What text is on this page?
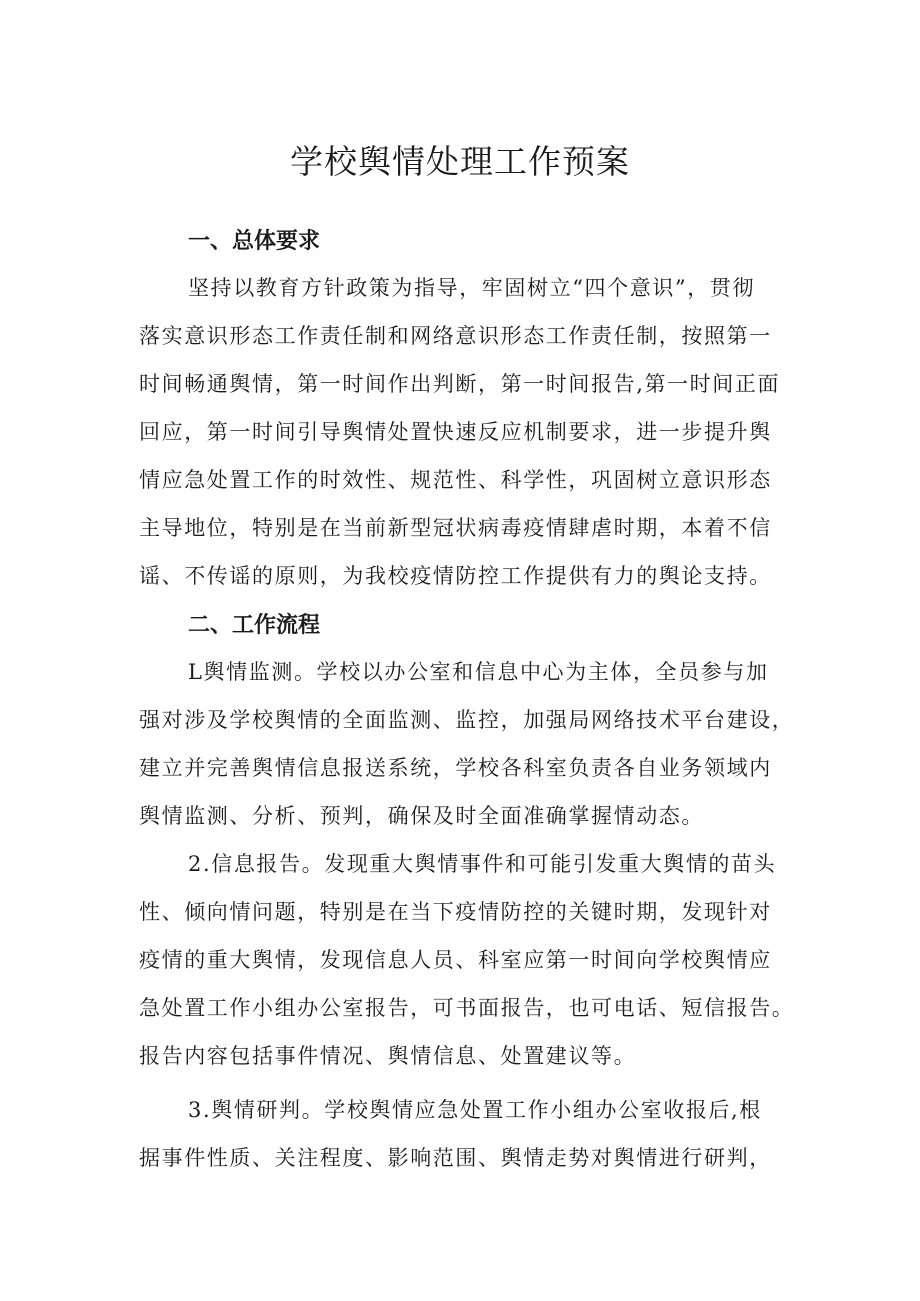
学校舆情处理工作预案
一、总体要求

坚持以教育方针政策为指导，牢固树立“四个意识”，贯彻

落实意识形态工作责任制和网络意识形态工作责任制，按照第一

时间畅通舆情，第一时间作出判断，第一时间报告,第一时间正面

回应，第一时间引导舆情处置快速反应机制要求，进一步提升舆

情应急处置工作的时效性、规范性、科学性，巩固树立意识形态

主导地位，特别是在当前新型冠状病毒疫情肆虐时期，本着不信

谣、不传谣的原则，为我校疫情防控工作提供有力的舆论支持。

二、工作流程

L舆情监测。学校以办公室和信息中心为主体，全员参与加

强对涉及学校舆情的全面监测、监控，加强局网络技术平台建设，

建立并完善舆情信息报送系统，学校各科室负责各自业务领域内

舆情监测、分析、预判，确保及时全面准确掌握情动态。

2.信息报告。发现重大舆情事件和可能引发重大舆情的苗头

性、倾向情问题，特别是在当下疫情防控的关键时期，发现针对

疫情的重大舆情，发现信息人员、科室应第一时间向学校舆情应

急处置工作小组办公室报告，可书面报告，也可电话、短信报告。

报告内容包括事件情况、舆情信息、处置建议等。

3.舆情研判。学校舆情应急处置工作小组办公室收报后,根

据事件性质、关注程度、影响范围、舆情走势对舆情进行研判，
